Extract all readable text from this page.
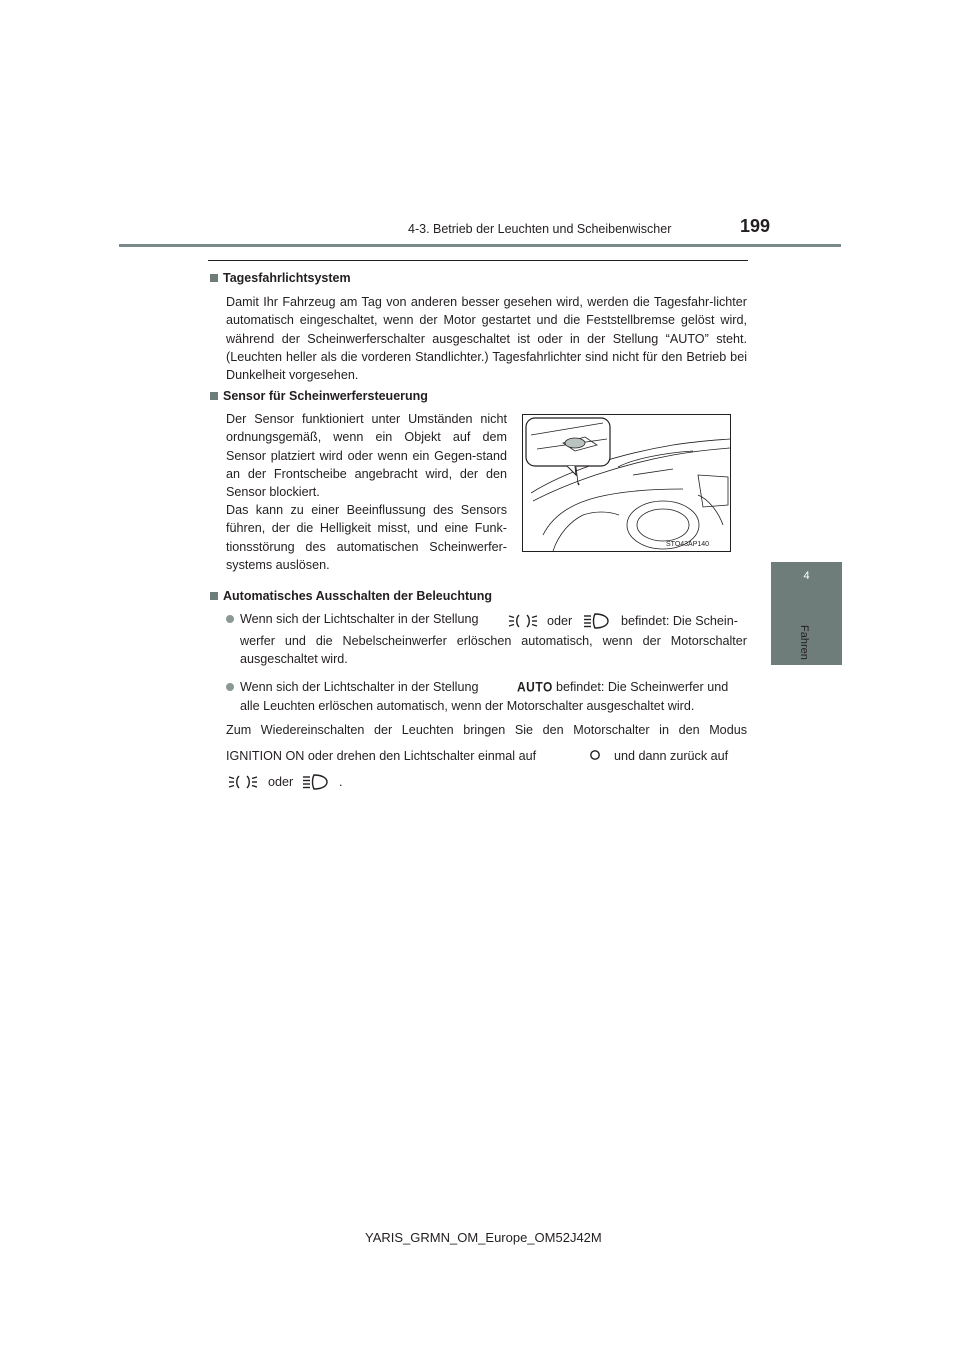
4-3. Betrieb der Leuchten und Scheibenwischer	199
4
Fahren
Tagesfahrlichtsystem
Damit Ihr Fahrzeug am Tag von anderen besser gesehen wird, werden die Tagesfahr-lichter automatisch eingeschaltet, wenn der Motor gestartet und die Feststellbremse gelöst wird, während der Scheinwerferschalter ausgeschaltet ist oder in der Stellung “AUTO” steht. (Leuchten heller als die vorderen Standlichter.) Tagesfahrlichter sind nicht für den Betrieb bei Dunkelheit vorgesehen.
Sensor für Scheinwerfersteuerung
Der Sensor funktioniert unter Umständen nicht ordnungsgemäß, wenn ein Objekt auf dem Sensor platziert wird oder wenn ein Gegen-stand an der Frontscheibe angebracht wird, der den Sensor blockiert.
Das kann zu einer Beeinflussung des Sensors führen, der die Helligkeit misst, und eine Funk-tionsstörung des automatischen Scheinwerfer-systems auslösen.
STO43AP140
Automatisches Ausschalten der Beleuchtung
Wenn sich der Lichtschalter in der Stellung	oder	befindet: Die Schein-
werfer und die Nebelscheinwerfer erlöschen automatisch, wenn der Motorschalter ausgeschaltet wird.
Wenn sich der Lichtschalter in der Stellung	AUTO befindet: Die Scheinwerfer und
alle Leuchten erlöschen automatisch, wenn der Motorschalter ausgeschaltet wird.
Zum Wiedereinschalten der Leuchten bringen Sie den Motorschalter in den Modus
IGNITION ON oder drehen den Lichtschalter einmal auf	und dann zurück auf
oder	.
YARIS_GRMN_OM_Europe_OM52J42M
